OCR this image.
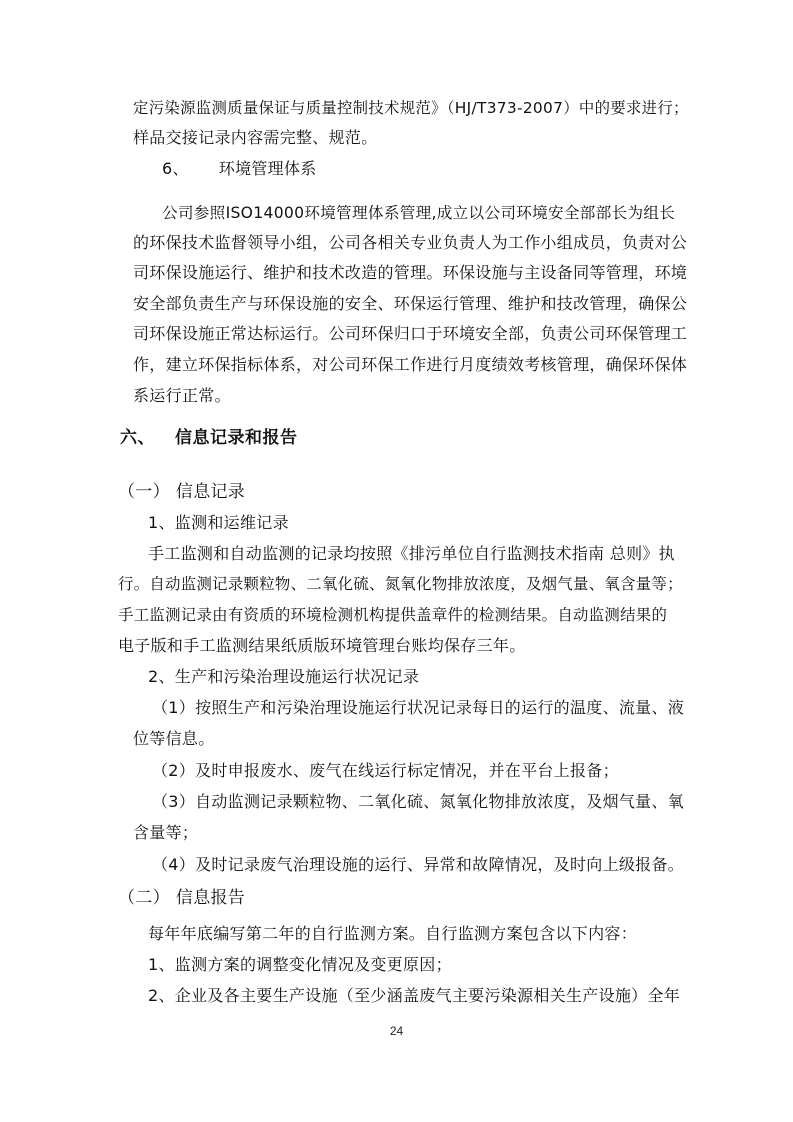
定污染源监测质量保证与质量控制技术规范》（HJ/T373-2007）中的要求进行；
样品交接记录内容需完整、规范。
6、 环境管理体系
公司参照ISO14000环境管理体系管理,成立以公司环境安全部部长为组长
的环保技术监督领导小组，公司各相关专业负责人为工作小组成员，负责对公
司环保设施运行、维护和技术改造的管理。环保设施与主设备同等管理，环境
安全部负责生产与环保设施的安全、环保运行管理、维护和技改管理，确保公
司环保设施正常达标运行。公司环保归口于环境安全部，负责公司环保管理工
作，建立环保指标体系，对公司环保工作进行月度绩效考核管理，确保环保体
系运行正常。
六、 信息记录和报告
（一） 信息记录
1、监测和运维记录
手工监测和自动监测的记录均按照《排污单位自行监测技术指南 总则》执
行。自动监测记录颗粒物、二氧化硫、氮氧化物排放浓度，及烟气量、氧含量等；
手工监测记录由有资质的环境检测机构提供盖章件的检测结果。自动监测结果的
电子版和手工监测结果纸质版环境管理台账均保存三年。
2、生产和污染治理设施运行状况记录
（1）按照生产和污染治理设施运行状况记录每日的运行的温度、流量、液
位等信息。
（2）及时申报废水、废气在线运行标定情况，并在平台上报备；
（3）自动监测记录颗粒物、二氧化硫、氮氧化物排放浓度，及烟气量、氧
含量等；
（4）及时记录废气治理设施的运行、异常和故障情况，及时向上级报备。
（二） 信息报告
每年年底编写第二年的自行监测方案。自行监测方案包含以下内容：
1、监测方案的调整变化情况及变更原因；
2、企业及各主要生产设施（至少涵盖废气主要污染源相关生产设施）全年
24
